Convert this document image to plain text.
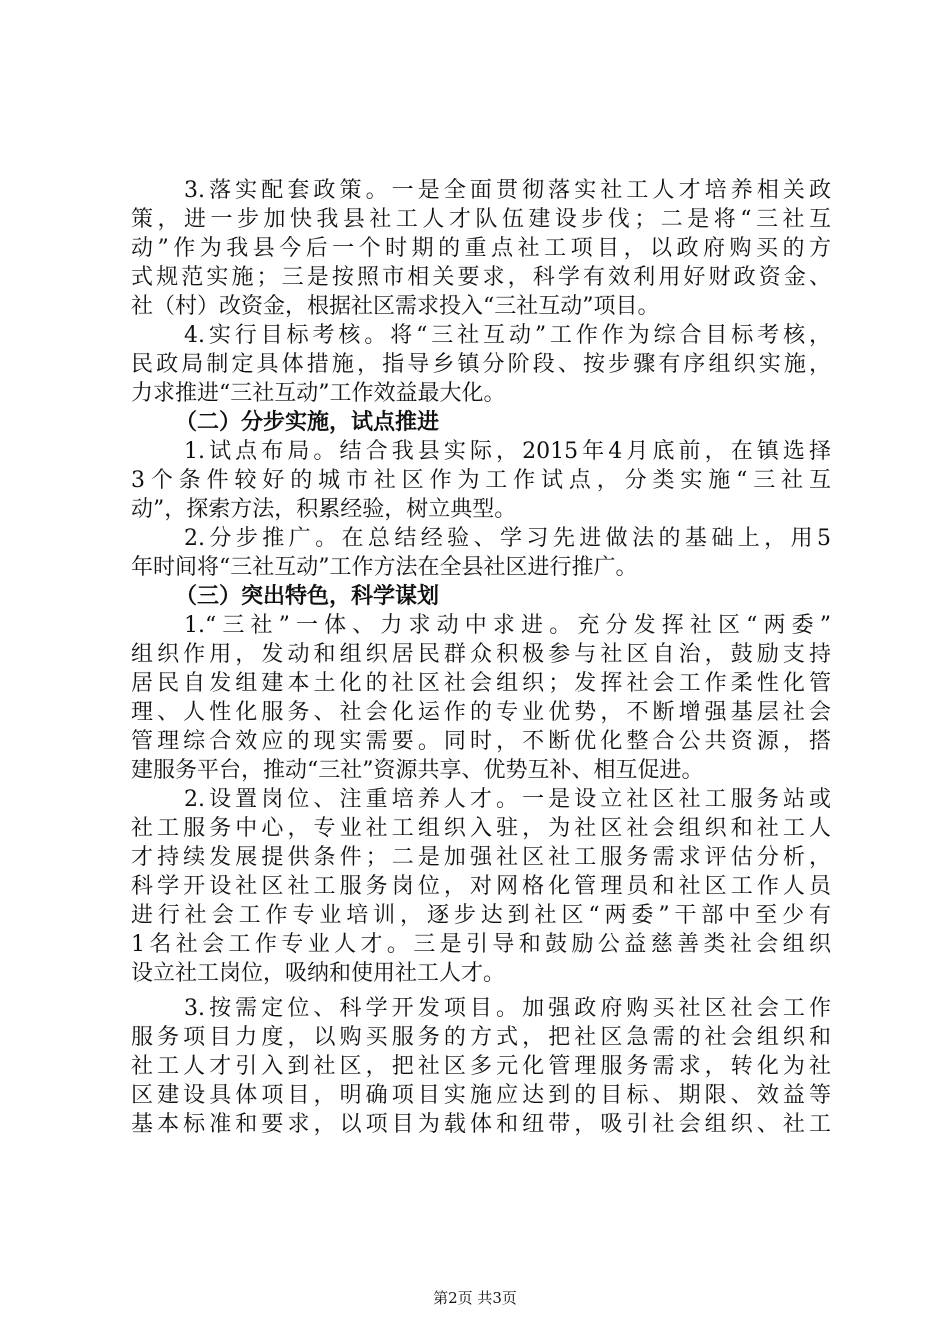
3.落实配套政策。一是全面贯彻落实社工人才培养相关政
策，进一步加快我县社工人才队伍建设步伐；二是将“三社互
动”作为我县今后一个时期的重点社工项目，以政府购买的方
式规范实施；三是按照市相关要求，科学有效利用好财政资金、
社（村）改资金，根据社区需求投入“三社互动”项目。
4.实行目标考核。将“三社互动”工作作为综合目标考核，
民政局制定具体措施，指导乡镇分阶段、按步骤有序组织实施，
力求推进“三社互动”工作效益最大化。
（二）分步实施，试点推进
1.试点布局。结合我县实际，2015年4月底前，在镇选择
3个条件较好的城市社区作为工作试点，分类实施“三社互
动”，探索方法，积累经验，树立典型。
2.分步推广。在总结经验、学习先进做法的基础上，用5
年时间将“三社互动”工作方法在全县社区进行推广。
（三）突出特色，科学谋划
1.“三社”一体、力求动中求进。充分发挥社区“两委”
组织作用，发动和组织居民群众积极参与社区自治，鼓励支持
居民自发组建本土化的社区社会组织；发挥社会工作柔性化管
理、人性化服务、社会化运作的专业优势，不断增强基层社会
管理综合效应的现实需要。同时，不断优化整合公共资源，搭
建服务平台，推动“三社”资源共享、优势互补、相互促进。
2.设置岗位、注重培养人才。一是设立社区社工服务站或
社工服务中心，专业社工组织入驻，为社区社会组织和社工人
才持续发展提供条件；二是加强社区社工服务需求评估分析，
科学开设社区社工服务岗位，对网格化管理员和社区工作人员
进行社会工作专业培训，逐步达到社区“两委”干部中至少有
1名社会工作专业人才。三是引导和鼓励公益慈善类社会组织
设立社工岗位，吸纳和使用社工人才。
3.按需定位、科学开发项目。加强政府购买社区社会工作
服务项目力度，以购买服务的方式，把社区急需的社会组织和
社工人才引入到社区，把社区多元化管理服务需求，转化为社
区建设具体项目，明确项目实施应达到的目标、期限、效益等
基本标准和要求，以项目为载体和纽带，吸引社会组织、社工
第2页 共3页
